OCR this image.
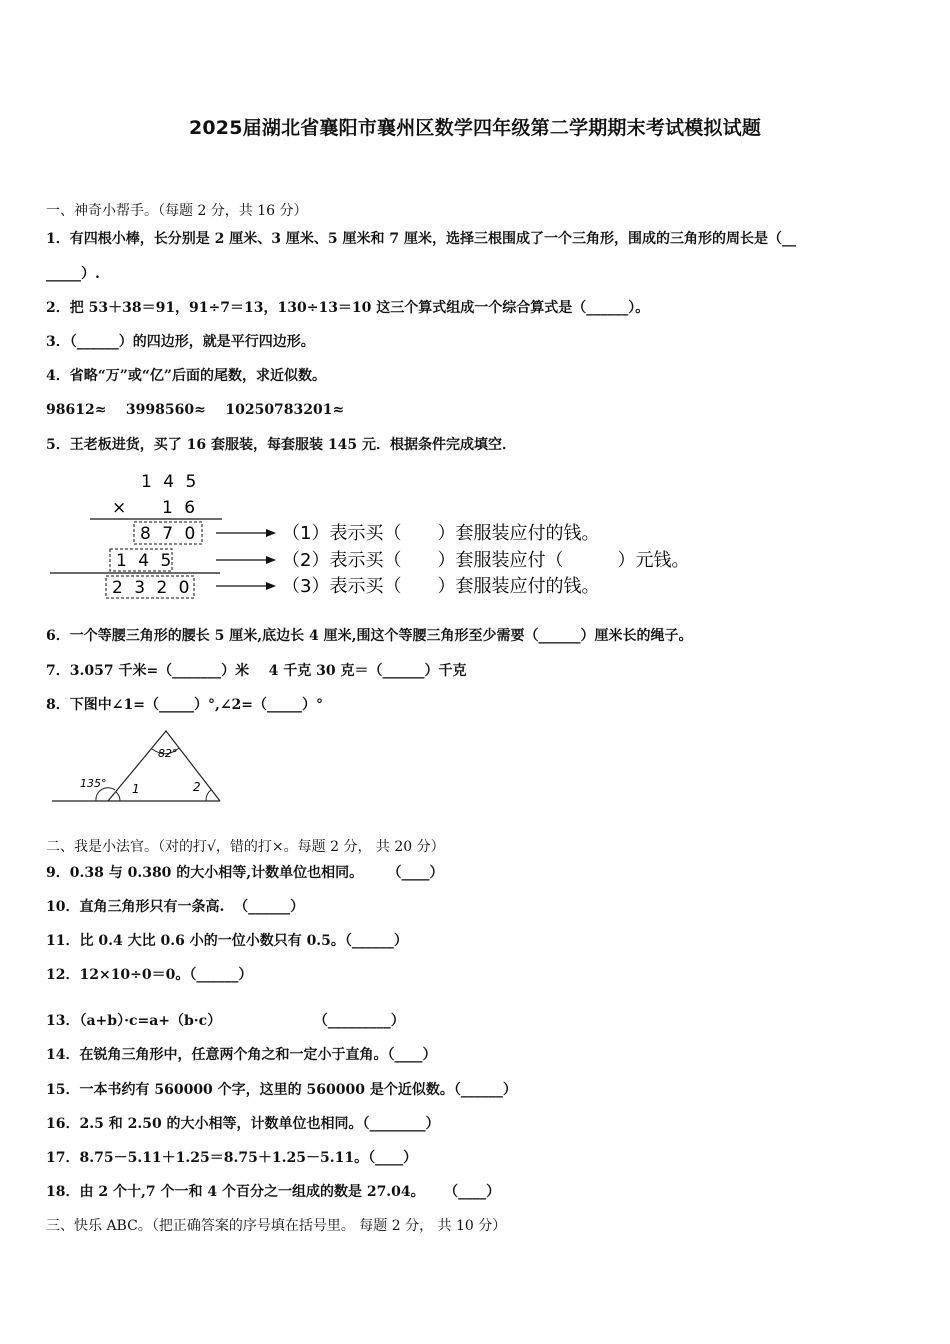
2025届湖北省襄阳市襄州区数学四年级第二学期期末考试模拟试题
一、神奇小帮手。（每题 2 分，共 16 分）
1．有四根小棒，长分别是 2 厘米、3 厘米、5 厘米和 7 厘米，选择三根围成了一个三角形，围成的三角形的周长是（__
_____）.
2．把 53＋38＝91，91÷7＝13，130÷13＝10 这三个算式组成一个综合算式是（______）。
3．（______）的四边形，就是平行四边形。
4．省略“万”或“亿”后面的尾数，求近似数。
98612≈    3998560≈    10250783201≈
5．王老板进货，买了 16 套服装，每套服装 145 元．根据条件完成填空．
1 4 5
× 1 6
8 7 0
1 4 5
2 3 2 0
（1）表示买（　　）套服装应付的钱。
（2）表示买（　　）套服装应付（　　　）元钱。
（3）表示买（　　）套服装应付的钱。
6．一个等腰三角形的腰长 5 厘米,底边长 4 厘米,围这个等腰三角形至少需要（______）厘米长的绳子。
7．3.057 千米=（_______）米    4 千克 30 克＝（______）千克
8．下图中∠1=（_____）°,∠2=（_____）°
82°
135° 1	2
二、我是小法官。（对的打√，错的打×。每题 2 分， 共 20 分）
9．0.38 与 0.380 的大小相等,计数单位也相同。     （____）
10．直角三角形只有一条高.  （______）
11．比 0.4 大比 0.6 小的一位小数只有 0.5。（______）
12．12×10÷0＝0。（______）
13．（a+b）·c=a+（b·c）                   （_________）
14．在锐角三角形中，任意两个角之和一定小于直角。（____）
15．一本书约有 560000 个字，这里的 560000 是个近似数。（______）
16．2.5 和 2.50 的大小相等，计数单位也相同。（________）
17．8.75－5.11＋1.25＝8.75＋1.25－5.11。（____）
18．由 2 个十,7 个一和 4 个百分之一组成的数是 27.04。    （____）
三、快乐 ABC。（把正确答案的序号填在括号里。 每题 2 分， 共 10 分）
